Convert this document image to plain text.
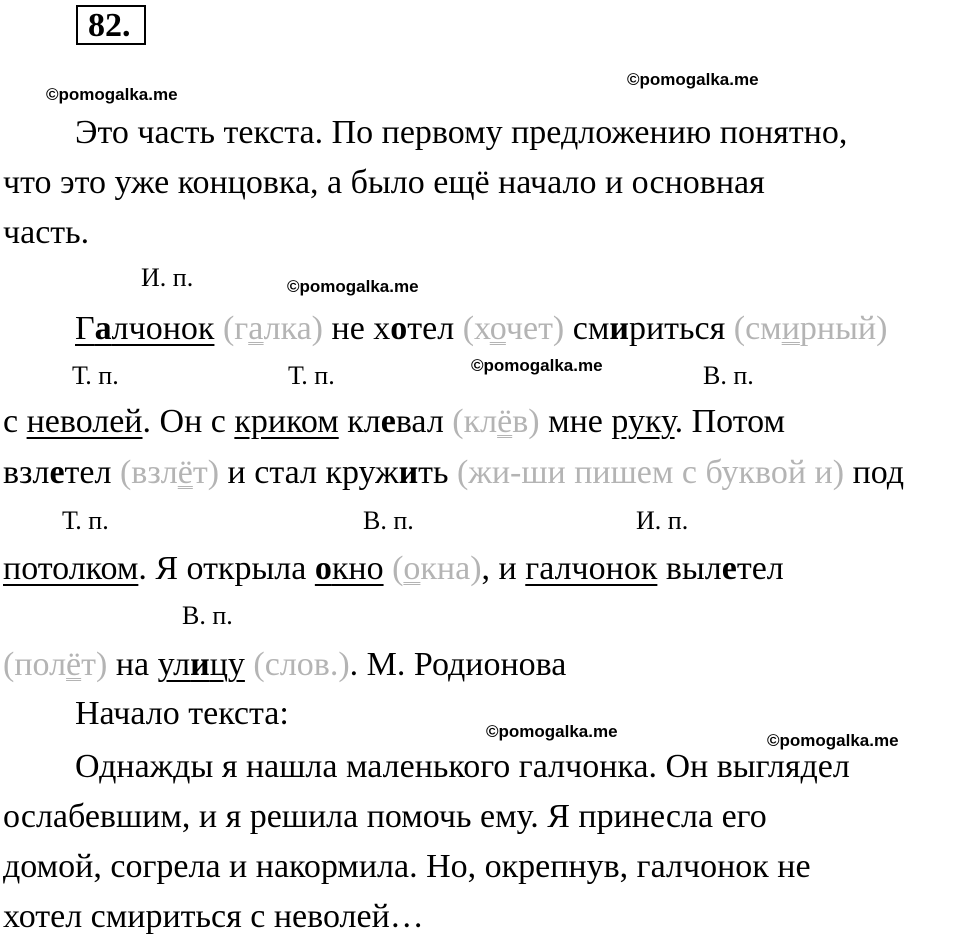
82.
©pomogalka.me
©pomogalka.me
Это часть текста. По первому предложению понятно,
что это уже концовка, а было ещё начало и основная
часть.
И. п.	©pomogalka.me
Галчонок (галка) не хотел (хочет) смириться (смирный)
Т. п.	Т. п.	©pomogalka.me	В. п.
с неволей. Он с криком клевал (клёв) мне руку. Потом
взлетел (взлёт) и стал кружить (жи-ши пишем с буквой и) под
Т. п.	В. п.	И. п.
потолком. Я открыла окно (окна), и галчонок вылетел
В. п.
(полёт) на улицу (слов.). М. Родионова
Начало текста:	©pomogalka.me	©pomogalka.me
Однажды я нашла маленького галчонка. Он выглядел
ослабевшим, и я решила помочь ему. Я принесла его
домой, согрела и накормила. Но, окрепнув, галчонок не
хотел смириться с неволей…
